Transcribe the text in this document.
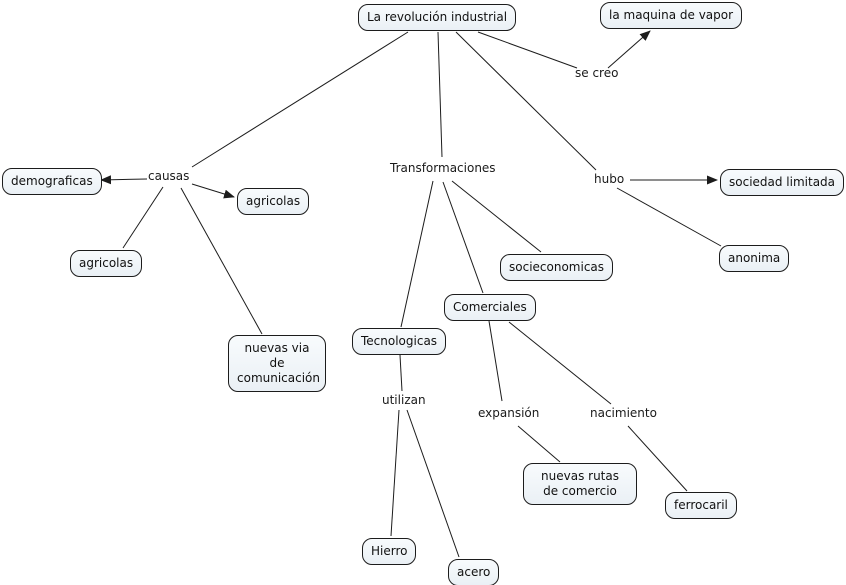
La revolución industrial	la maquina de vapor
demograficas
agricolas
agricolas
nuevas via de comunicación
socieconomicas
Comerciales
Tecnologicas
sociedad limitada
anonima
nuevas rutas de comercio
ferrocaril
Hierro
acero
causas
se creo
Transformaciones
hubo
utilizan
expansión	nacimiento
